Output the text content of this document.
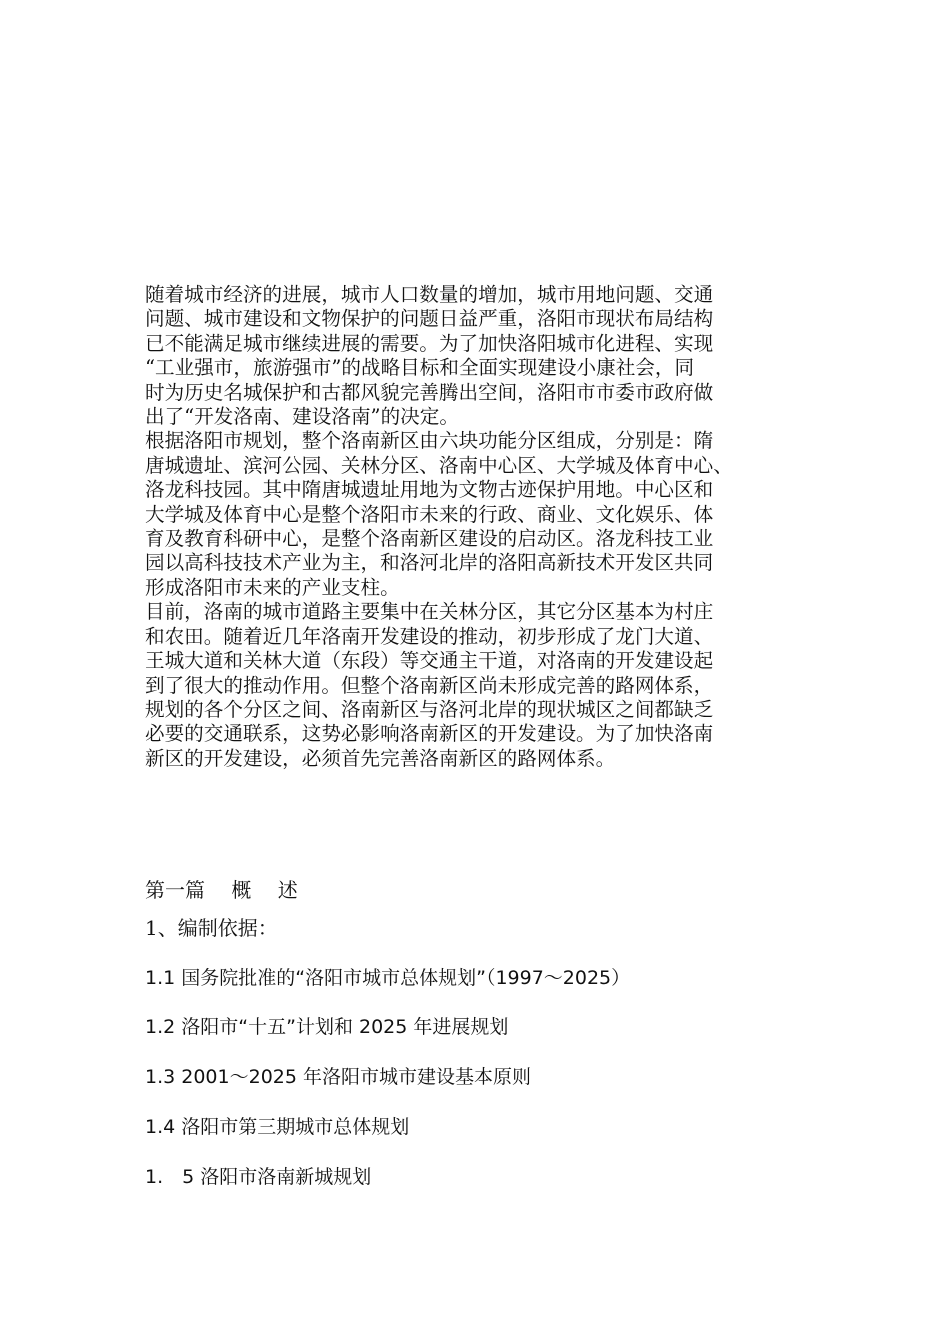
随着城市经济的进展，城市人口数量的增加，城市用地问题、交通
问题、城市建设和文物保护的问题日益严重，洛阳市现状布局结构
已不能满足城市继续进展的需要。为了加快洛阳城市化进程、实现
“工业强市，旅游强市”的战略目标和全面实现建设小康社会，同
时为历史名城保护和古都风貌完善腾出空间，洛阳市市委市政府做
出了“开发洛南、建设洛南”的决定。

根据洛阳市规划，整个洛南新区由六块功能分区组成，分别是：隋
唐城遗址、滨河公园、关林分区、洛南中心区、大学城及体育中心、
洛龙科技园。其中隋唐城遗址用地为文物古迹保护用地。中心区和
大学城及体育中心是整个洛阳市未来的行政、商业、文化娱乐、体
育及教育科研中心，是整个洛南新区建设的启动区。洛龙科技工业
园以高科技技术产业为主，和洛河北岸的洛阳高新技术开发区共同
形成洛阳市未来的产业支柱。

目前，洛南的城市道路主要集中在关林分区，其它分区基本为村庄
和农田。随着近几年洛南开发建设的推动，初步形成了龙门大道、
王城大道和关林大道（东段）等交通主干道，对洛南的开发建设起
到了很大的推动作用。但整个洛南新区尚未形成完善的路网体系，
规划的各个分区之间、洛南新区与洛河北岸的现状城区之间都缺乏
必要的交通联系，这势必影响洛南新区的开发建设。为了加快洛南
新区的开发建设，必须首先完善洛南新区的路网体系。

第一篇　 概　 述
1、编制依据：
1.1 国务院批准的“洛阳市城市总体规划”（1997～2025）
1.2 洛阳市“十五”计划和 2025 年进展规划
1.3 2001～2025 年洛阳市城市建设基本原则
1.4 洛阳市第三期城市总体规划
1.　5 洛阳市洛南新城规划
